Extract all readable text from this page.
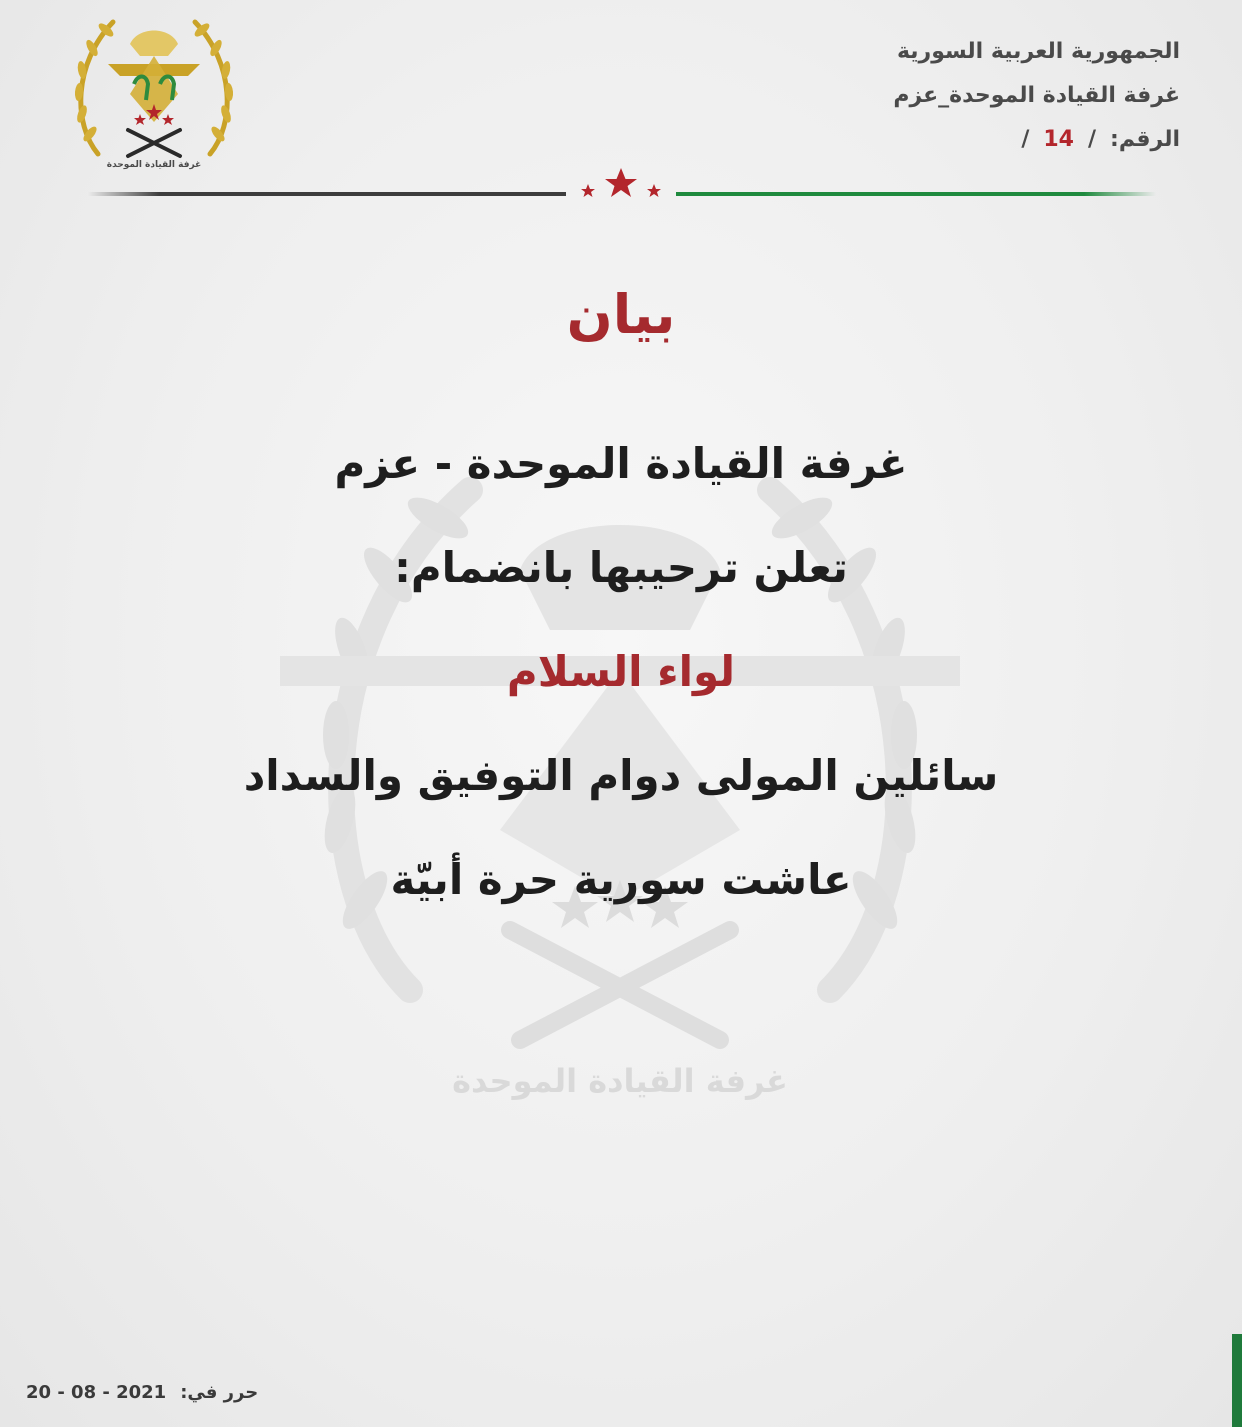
غرفة القيادة الموحدة
الجمهورية العربية السورية
غرفة القيادة الموحدة_عزم
الرقم:
/
14
/
غرفة القيادة الموحدة
بيان
غرفة القيادة الموحدة - عزم
تعلن ترحيبها بانضمام:
لواء السلام
سائلين المولى دوام التوفيق والسداد
عاشت سورية حرة أبيّة
20 - 08 - 2021 حرر في:
